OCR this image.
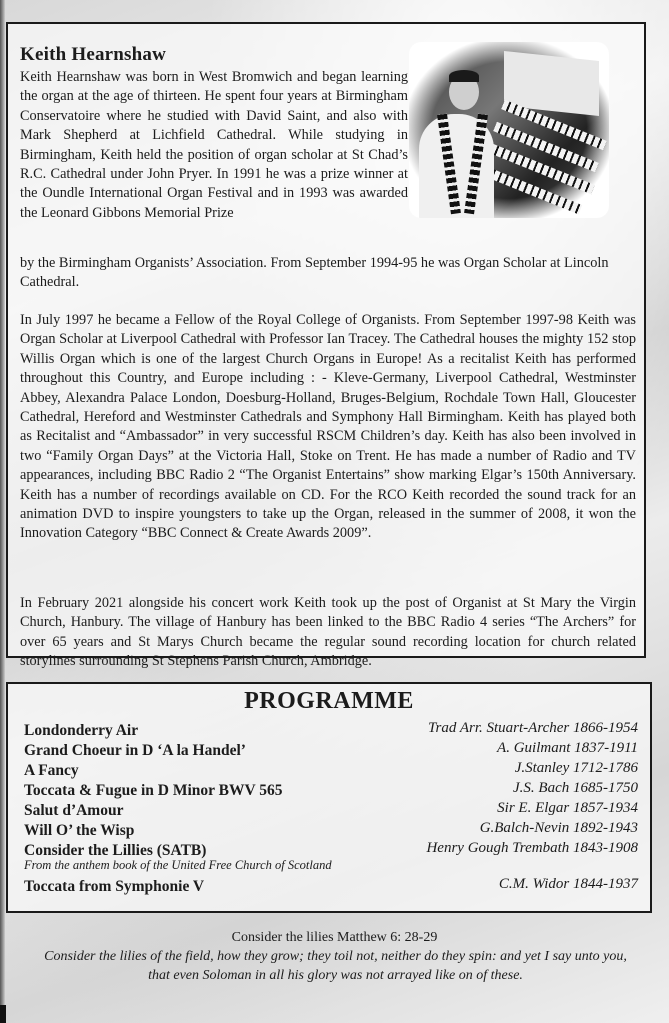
Keith Hearnshaw

Keith Hearnshaw was born in West Bromwich and began learning the organ at the age of thirteen. He spent four years at Birmingham Conservatoire where he studied with David Saint, and also with Mark Shepherd at Lichfield Cathedral. While studying in Birmingham, Keith held the position of organ scholar at St Chad’s R.C. Cathedral under John Pryer. In 1991 he was a prize winner at the Oundle International Organ Festival and in 1993 was awarded the Leonard Gibbons Memorial Prize

by the Birmingham Organists’ Association. From September 1994-95 he was Organ Scholar at Lincoln Cathedral.

In July 1997 he became a Fellow of the Royal College of Organists. From September 1997-98 Keith was Organ Scholar at Liverpool Cathedral with Professor Ian Tracey. The Cathedral houses the mighty 152 stop Willis Organ which is one of the largest Church Organs in Europe! As a recitalist Keith has performed throughout this Country, and Europe including : - Kleve-Germany, Liverpool Cathedral, Westminster Abbey, Alexandra Palace London, Doesburg-Holland, Bruges-Belgium, Rochdale Town Hall, Gloucester Cathedral, Hereford and Westminster Cathedrals and Symphony Hall Birmingham. Keith has played both as Recitalist and “Ambassador” in very successful RSCM Children’s day. Keith has also been involved in two “Family Organ Days” at the Victoria Hall, Stoke on Trent. He has made a number of Radio and TV appearances, including BBC Radio 2 “The Organist Entertains” show marking Elgar’s 150th Anniversary. Keith has a number of recordings available on CD. For the RCO Keith recorded the sound track for an animation DVD to inspire youngsters to take up the Organ, released in the summer of 2008, it won the Innovation Category “BBC Connect & Create Awards 2009”.

In February 2021 alongside his concert work Keith took up the post of Organist at St Mary the Virgin Church, Hanbury. The village of Hanbury has been linked to the BBC Radio 4 series “The Archers” for over 65 years and St Marys Church became the regular sound recording location for church related storylines surrounding St Stephens Parish Church, Ambridge.

PROGRAMME
Londonderry Air	Trad Arr. Stuart-Archer 1866-1954
Grand Choeur in D ‘A la Handel’	A. Guilmant 1837-1911
A Fancy	J.Stanley 1712-1786
Toccata & Fugue in D Minor BWV 565	J.S. Bach 1685-1750
Salut d’Amour	Sir E. Elgar 1857-1934
Will O’ the Wisp	G.Balch-Nevin 1892-1943
Consider the Lillies (SATB)	Henry Gough Trembath 1843-1908
From the anthem book of the United Free Church of Scotland
Toccata from Symphonie V	C.M. Widor 1844-1937
Consider the lilies Matthew 6: 28-29
Consider the lilies of the field, how they grow; they toil not, neither do they spin: and yet I say unto you,
that even Soloman in all his glory was not arrayed like on of these.
